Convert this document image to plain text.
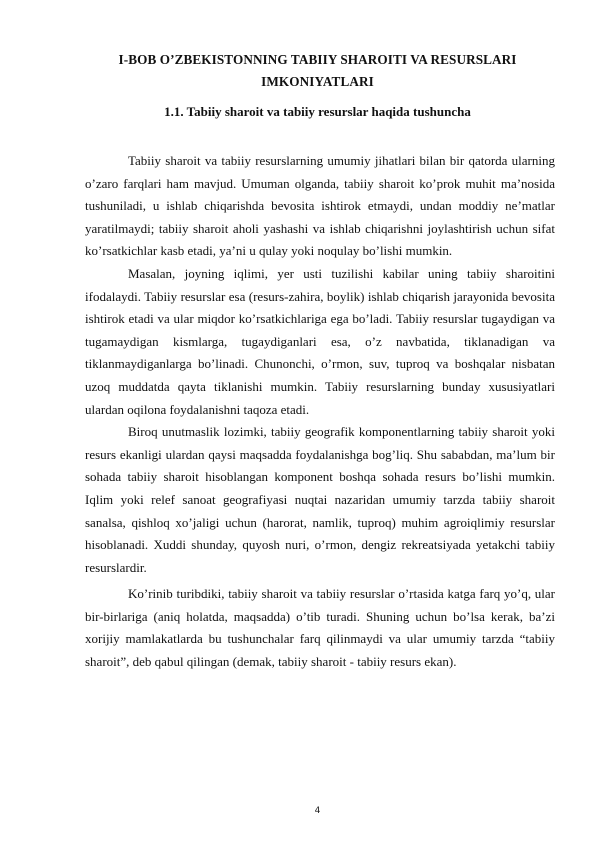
I-BOB O’ZBEKISTONNING TABIIY SHAROITI VA RESURSLARI
IMKONIYATLARI
1.1. Tabiiy sharoit va tabiiy resurslar haqida tushuncha

Tabiiy sharoit va tabiiy resurslarning umumiy jihatlari bilan bir qatorda ularning o’zaro farqlari ham mavjud. Umuman olganda, tabiiy sharoit ko’prok muhit ma’nosida tushuniladi, u ishlab chiqarishda bevosita ishtirok etmaydi, undan moddiy ne’matlar yaratilmaydi; tabiiy sharoit aholi yashashi va ishlab chiqarishni joylashtirish uchun sifat ko’rsatkichlar kasb etadi, ya’ni u qulay yoki noqulay bo’lishi mumkin.

Masalan, joyning iqlimi, yer usti tuzilishi kabilar uning tabiiy sharoitini ifodalaydi. Tabiiy resurslar esa (resurs-zahira, boylik) ishlab chiqarish jarayonida bevosita ishtirok etadi va ular miqdor ko’rsatkichlariga ega bo’ladi. Tabiiy resurslar tugaydigan va tugamaydigan kismlarga, tugaydiganlari esa, o’z navbatida, tiklanadigan va tiklanmaydiganlarga bo’linadi. Chunonchi, o’rmon, suv, tuproq va boshqalar nisbatan uzoq muddatda qayta tiklanishi mumkin. Tabiiy resurslarning bunday xususiyatlari ulardan oqilona foydalanishni taqoza etadi.

Biroq unutmaslik lozimki, tabiiy geografik komponentlarning tabiiy sharoit yoki resurs ekanligi ulardan qaysi maqsadda foydalanishga bog’liq. Shu sababdan, ma’lum bir sohada tabiiy sharoit hisoblangan komponent boshqa sohada resurs bo’lishi mumkin. Iqlim yoki relef sanoat geografiyasi nuqtai nazaridan umumiy tarzda tabiiy sharoit sanalsa, qishloq xo’jaligi uchun (harorat, namlik, tuproq) muhim agroiqlimiy resurslar hisoblanadi. Xuddi shunday, quyosh nuri, o’rmon, dengiz rekreatsiyada yetakchi tabiiy resurslardir.

Ko’rinib turibdiki, tabiiy sharoit va tabiiy resurslar o’rtasida katga farq yo’q, ular bir-birlariga (aniq holatda, maqsadda) o’tib turadi. Shuning uchun bo’lsa kerak, ba’zi xorijiy mamlakatlarda bu tushunchalar farq qilinmaydi va ular umumiy tarzda “tabiiy sharoit”, deb qabul qilingan (demak, tabiiy sharoit - tabiiy resurs ekan).

4
